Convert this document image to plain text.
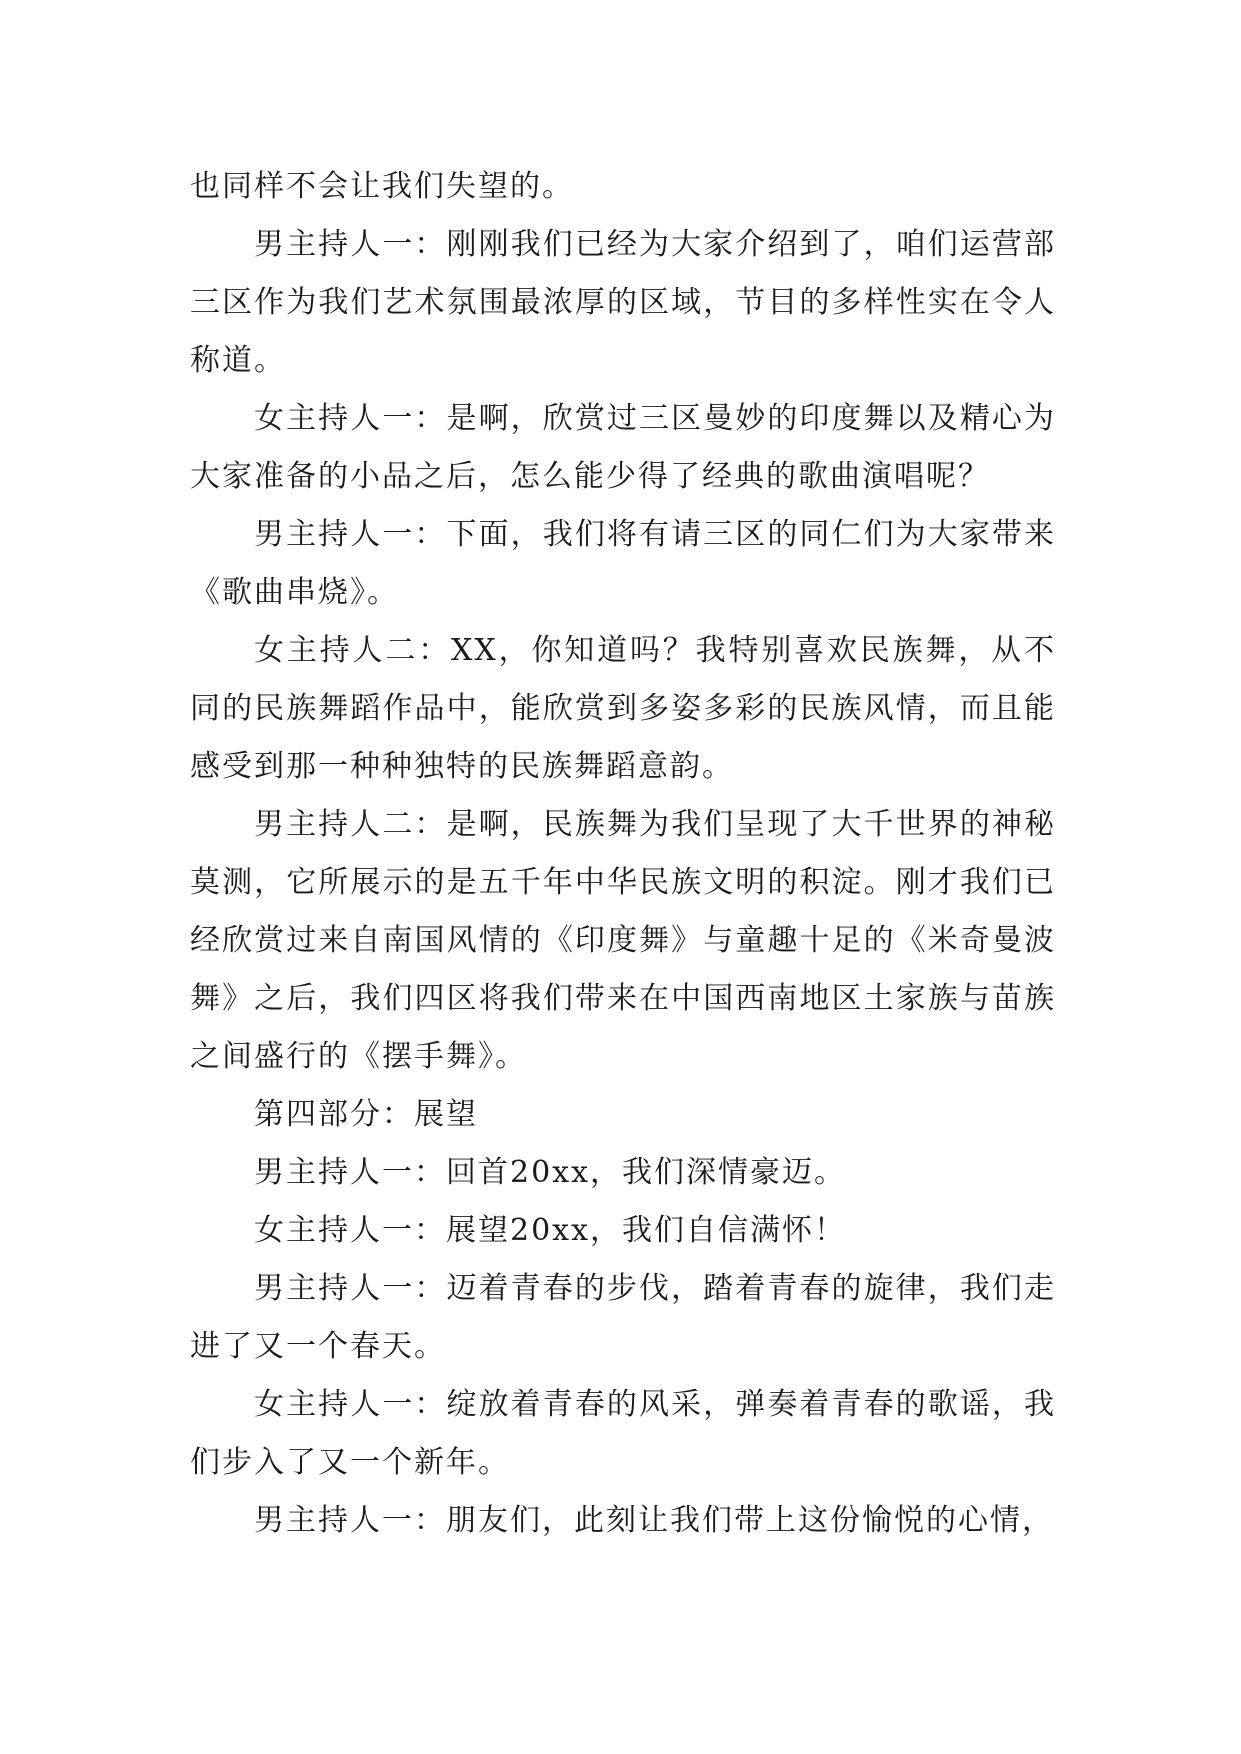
也同样不会让我们失望的。

男主持人一：刚刚我们已经为大家介绍到了，咱们运营部三区作为我们艺术氛围最浓厚的区域，节目的多样性实在令人称道。

女主持人一：是啊，欣赏过三区曼妙的印度舞以及精心为大家准备的小品之后，怎么能少得了经典的歌曲演唱呢？

男主持人一：下面，我们将有请三区的同仁们为大家带来《歌曲串烧》。

女主持人二：XX，你知道吗？我特别喜欢民族舞，从不同的民族舞蹈作品中，能欣赏到多姿多彩的民族风情，而且能感受到那一种种独特的民族舞蹈意韵。

男主持人二：是啊，民族舞为我们呈现了大千世界的神秘莫测，它所展示的是五千年中华民族文明的积淀。刚才我们已经欣赏过来自南国风情的《印度舞》与童趣十足的《米奇曼波舞》之后，我们四区将我们带来在中国西南地区土家族与苗族之间盛行的《摆手舞》。

第四部分：展望

男主持人一：回首20xx，我们深情豪迈。

女主持人一：展望20xx，我们自信满怀！

男主持人一：迈着青春的步伐，踏着青春的旋律，我们走进了又一个春天。

女主持人一：绽放着青春的风采，弹奏着青春的歌谣，我们步入了又一个新年。

男主持人一：朋友们，此刻让我们带上这份愉悦的心情，
